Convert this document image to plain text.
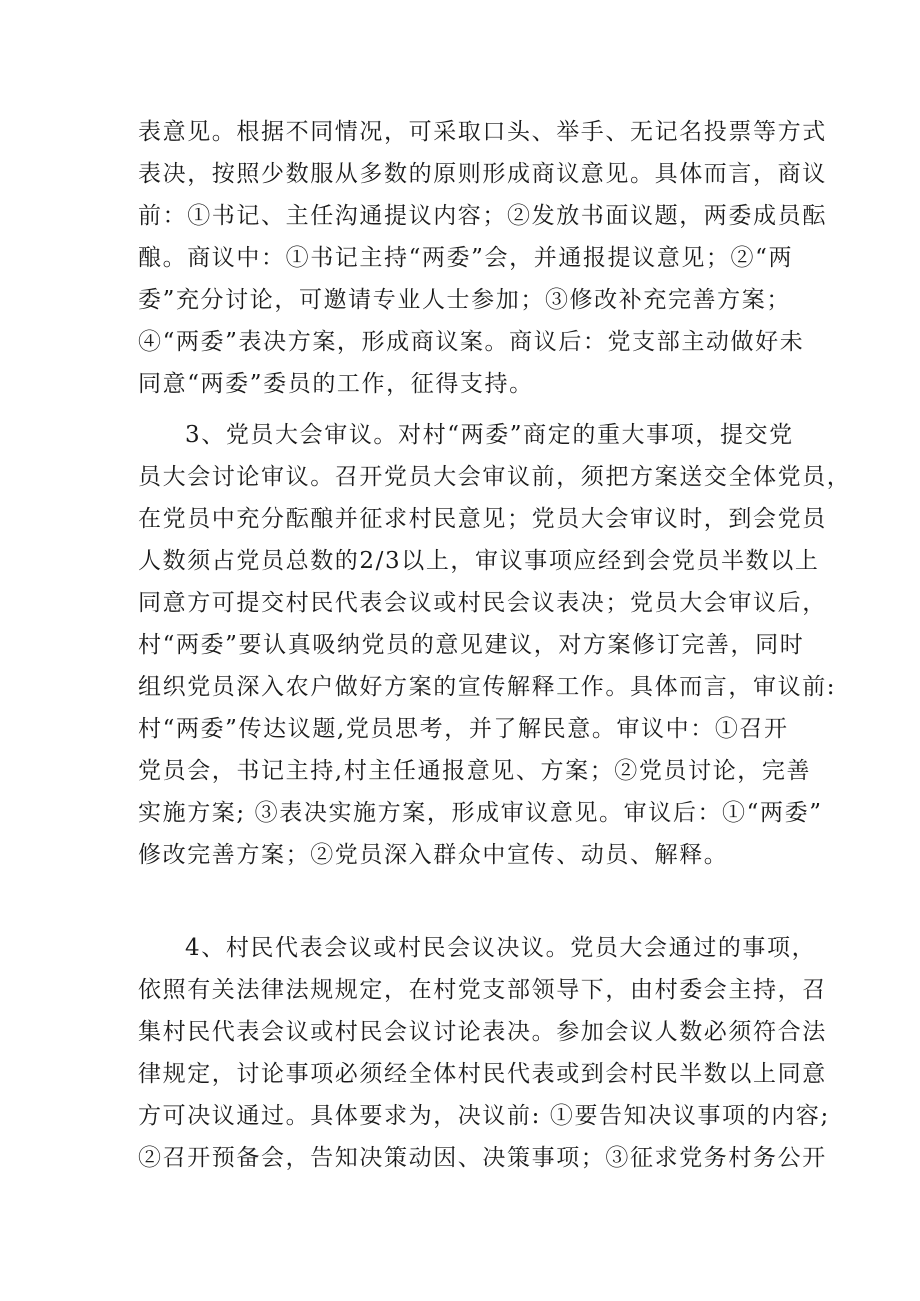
表意见。根据不同情况，可采取口头、举手、无记名投票等方式
表决，按照少数服从多数的原则形成商议意见。具体而言，商议
前：①书记、主任沟通提议内容；②发放书面议题，两委成员酝
酿。商议中：①书记主持“两委”会，并通报提议意见；②“两
委”充分讨论，可邀请专业人士参加；③修改补充完善方案；
④“两委”表决方案，形成商议案。商议后：党支部主动做好未
同意“两委”委员的工作，征得支持。
3、党员大会审议。对村“两委”商定的重大事项，提交党
员大会讨论审议。召开党员大会审议前，须把方案送交全体党员，
在党员中充分酝酿并征求村民意见；党员大会审议时，到会党员
人数须占党员总数的2/3以上，审议事项应经到会党员半数以上
同意方可提交村民代表会议或村民会议表决；党员大会审议后，
村“两委”要认真吸纳党员的意见建议，对方案修订完善，同时
组织党员深入农户做好方案的宣传解释工作。具体而言，审议前:
村“两委”传达议题,党员思考，并了解民意。审议中：①召开
党员会，书记主持,村主任通报意见、方案；②党员讨论，完善
实施方案; ③表决实施方案，形成审议意见。审议后：①“两委”
修改完善方案；②党员深入群众中宣传、动员、解释。
4、村民代表会议或村民会议决议。党员大会通过的事项，
依照有关法律法规规定，在村党支部领导下，由村委会主持，召
集村民代表会议或村民会议讨论表决。参加会议人数必须符合法
律规定，讨论事项必须经全体村民代表或到会村民半数以上同意
方可决议通过。具体要求为，决议前: ①要告知决议事项的内容;
②召开预备会，告知决策动因、决策事项；③征求党务村务公开
